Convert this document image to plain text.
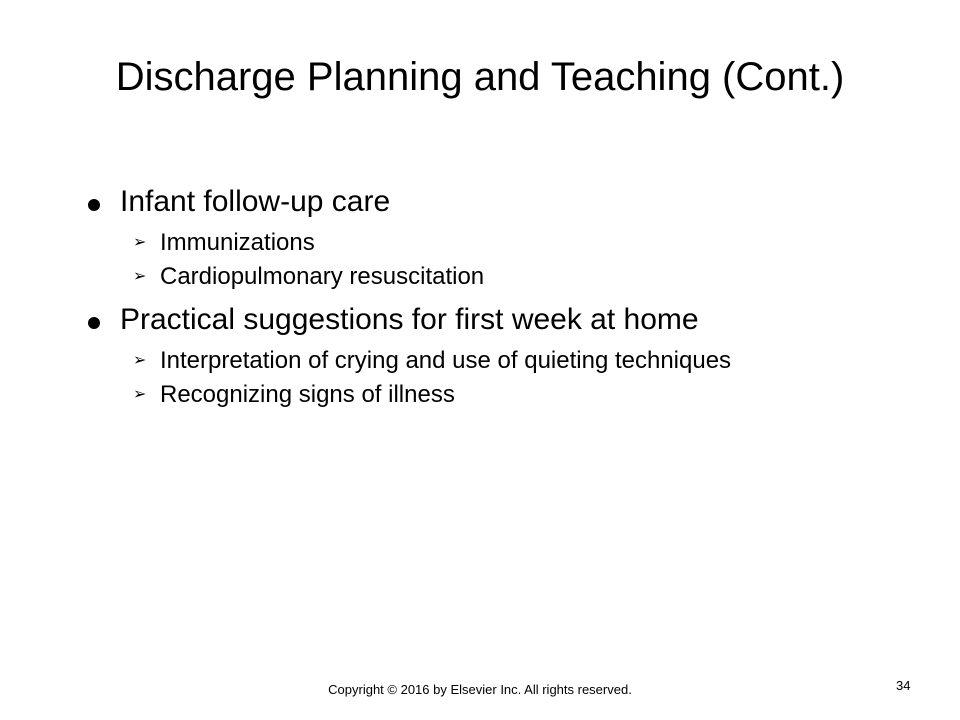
Discharge Planning and Teaching (Cont.)
Infant follow-up care
➢ Immunizations
➢ Cardiopulmonary resuscitation
Practical suggestions for first week at home
➢ Interpretation of crying and use of quieting techniques
➢ Recognizing signs of illness
Copyright © 2016 by Elsevier Inc. All rights reserved.	34
